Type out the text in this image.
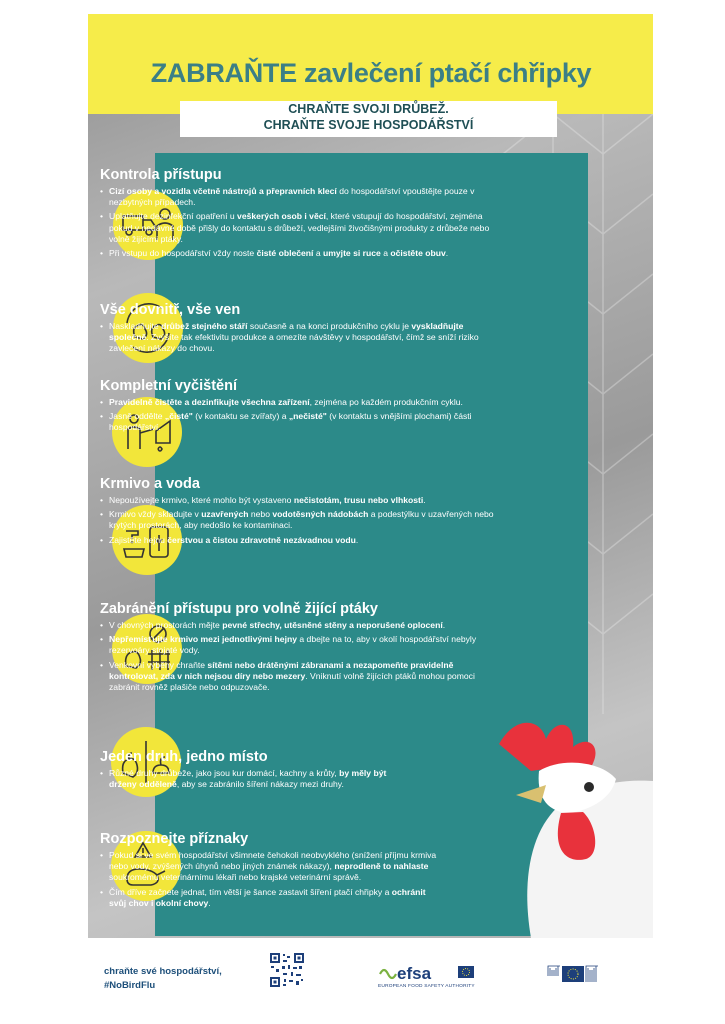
ZABRAŇTE zavlečení ptačí chřipky
CHRAŇTE SVOJI DRŮBEŽ.
CHRAŇTE SVOJE HOSPODÁŘSTVÍ
Kontrola přístupu
• Cizí osoby a vozidla včetně nástrojů a přepravních klecí do hospodářství vpouštějte pouze v nezbytných případech.
• Uplatňujte dezinfekční opatření u veškerých osob i věcí, které vstupují do hospodářství, zejména pokud v nedávné době přišly do kontaktu s drůbeží, vedlejšími živočišnými produkty z drůbeže nebo volně žijícími ptáky.
• Při vstupu do hospodářství vždy noste čisté oblečení a umyjte si ruce a očistěte obuv.
Vše dovnitř, vše ven
• Naskladňujte drůbež stejného stáří současně a na konci produkčního cyklu je vyskladňujte společně. Zvýšíte tak efektivitu produkce a omezíte návštěvy v hospodářství, čímž se sníží riziko zavlečení nákazy do chovu.
Kompletní vyčištění
• Pravidelně čistěte a dezinfikujte všechna zařízení, zejména po každém produkčním cyklu.
• Jasně oddělte „čisté" (v kontaktu se zvířaty) a „nečisté" (v kontaktu s vnějšími plochami) části hospodářství.
Krmivo a voda
• Nepoužívejte krmivo, které mohlo být vystaveno nečistotám, trusu nebo vlhkosti.
• Krmivo vždy skladujte v uzavřených nebo vodotěsných nádobách a podestýlku v uzavřených nebo krytých prostorách, aby nedošlo ke kontaminaci.
• Zajistěte hejnu čerstvou a čistou zdravotně nezávadnou vodu.
Zabránění přístupu pro volně žijící ptáky
• V chovných prostorách mějte pevné střechy, utěsněné stěny a neporušené oplocení.
• Nepřemísťujte krmivo mezi jednotlivými hejny a dbejte na to, aby v okolí hospodářství nebyly rezervoáry stojaté vody.
• Venkovní výběhy chraňte sítěmi nebo drátěnými zábranami a nezapomeňte pravidelně kontrolovat, zda v nich nejsou díry nebo mezery. Vniknutí volně žijících ptáků mohou pomoci zabránit rovněž plašiče nebo odpuzovače.
Jeden druh, jedno místo
• Různé druhy drůbeže, jako jsou kur domácí, kachny a krůty, by měly být drženy odděleně, aby se zabránilo šíření nákazy mezi druhy.
Rozpoznejte příznaky
• Pokud si ve svém hospodářství všimnete čehokoli neobvyklého (snížení příjmu krmiva nebo vody, zvýšených úhynů nebo jiných známek nákazy), neprodleně to nahlaste soukromému veterinárnímu lékaři nebo krajské veterinární správě.
• Čím dříve začnete jednat, tím větší je šance zastavit šíření ptačí chřipky a ochránit svůj chov i okolní chovy.
chraňte své hospodářství,
#NoBirdFlu
efsa
EUROPEAN FOOD SAFETY AUTHORITY
